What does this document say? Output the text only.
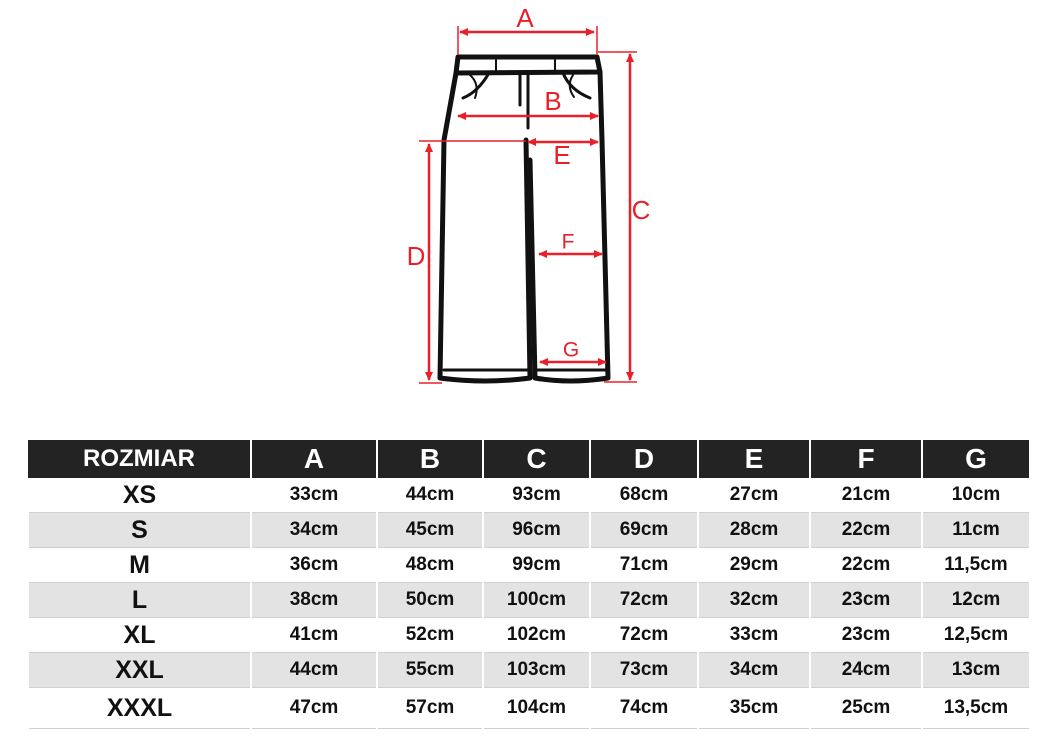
A
B
C
D
E
F
G
ROZMIAR	A	B	C	D	E	F	G
XS	33cm	44cm	93cm	68cm	27cm	21cm	10cm
S	34cm	45cm	96cm	69cm	28cm	22cm	11cm
M	36cm	48cm	99cm	71cm	29cm	22cm	11,5cm
L	38cm	50cm	100cm	72cm	32cm	23cm	12cm
XL	41cm	52cm	102cm	72cm	33cm	23cm	12,5cm
XXL	44cm	55cm	103cm	73cm	34cm	24cm	13cm
XXXL	47cm	57cm	104cm	74cm	35cm	25cm	13,5cm
